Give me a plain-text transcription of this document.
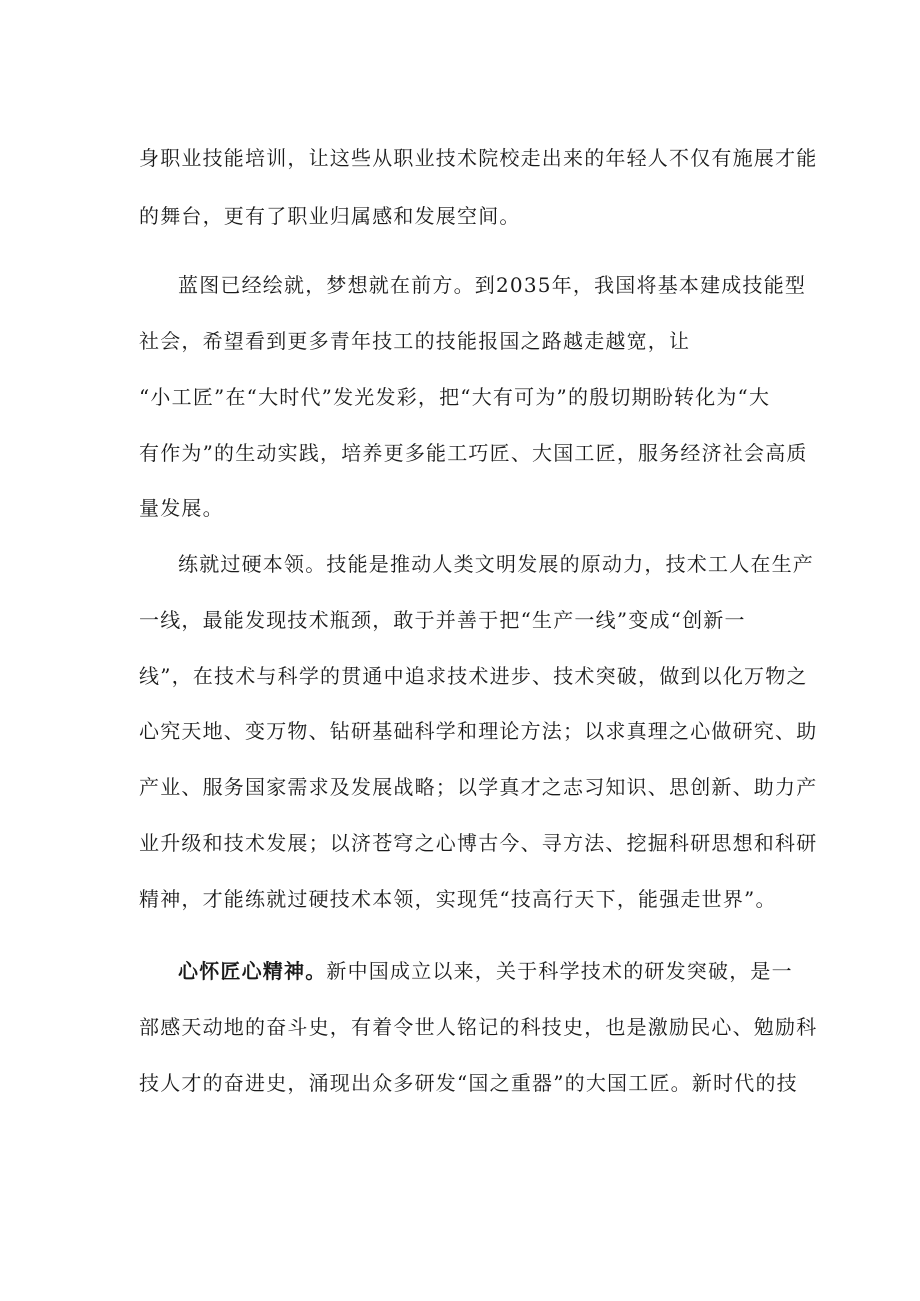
身职业技能培训，让这些从职业技术院校走出来的年轻人不仅有施展才能
的舞台，更有了职业归属感和发展空间。
蓝图已经绘就，梦想就在前方。到2035年，我国将基本建成技能型
社会，希望看到更多青年技工的技能报国之路越走越宽，让
“小工匠”在“大时代”发光发彩，把“大有可为”的殷切期盼转化为“大
有作为”的生动实践，培养更多能工巧匠、大国工匠，服务经济社会高质
量发展。
练就过硬本领。技能是推动人类文明发展的原动力，技术工人在生产
一线，最能发现技术瓶颈，敢于并善于把“生产一线”变成“创新一
线”，在技术与科学的贯通中追求技术进步、技术突破，做到以化万物之
心究天地、变万物、钻研基础科学和理论方法；以求真理之心做研究、助
产业、服务国家需求及发展战略；以学真才之志习知识、思创新、助力产
业升级和技术发展；以济苍穹之心博古今、寻方法、挖掘科研思想和科研
精神，才能练就过硬技术本领，实现凭“技高行天下，能强走世界”。
心怀匠心精神。新中国成立以来，关于科学技术的研发突破，是一
部感天动地的奋斗史，有着令世人铭记的科技史，也是激励民心、勉励科
技人才的奋进史，涌现出众多研发“国之重器”的大国工匠。新时代的技
